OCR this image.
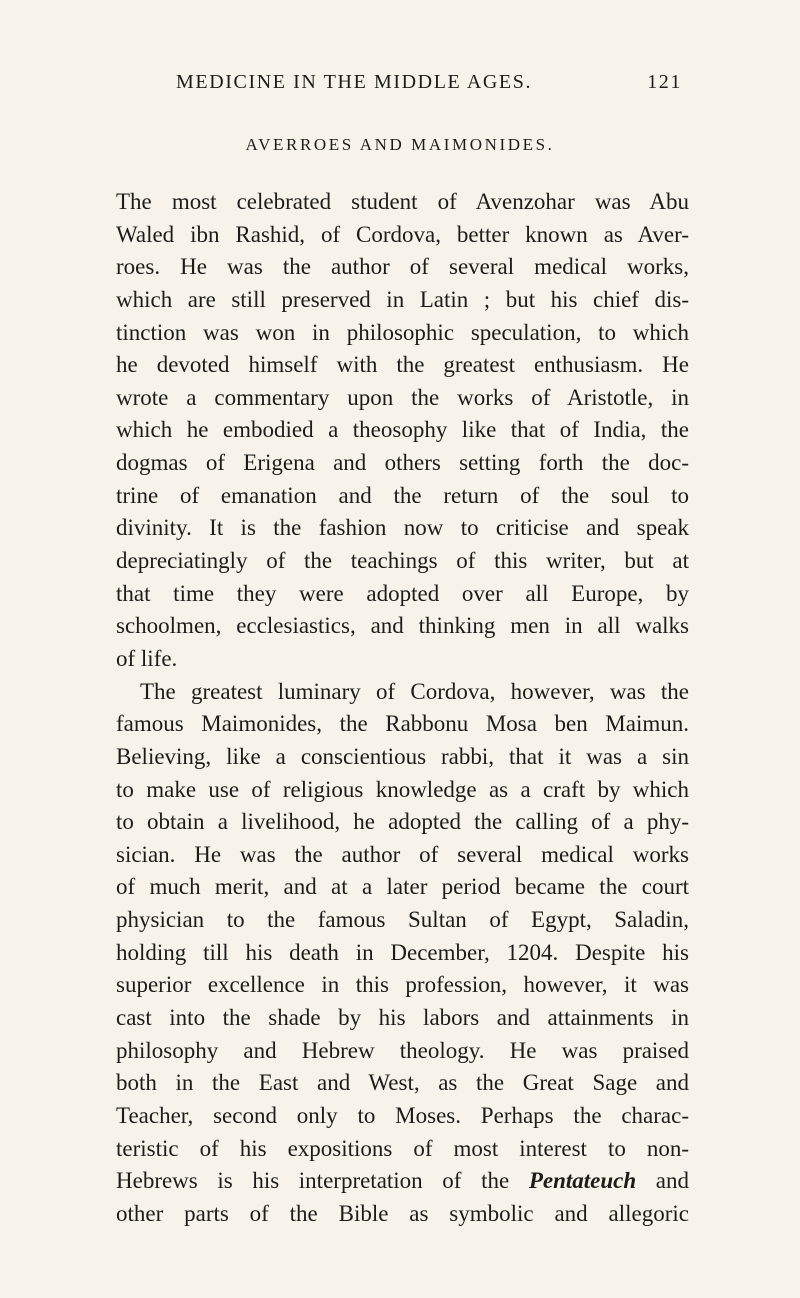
MEDICINE IN THE MIDDLE AGES.	121
AVERROES AND MAIMONIDES.
The most celebrated student of Avenzohar was Abu
Waled ibn Rashid, of Cordova, better known as Aver-
roes. He was the author of several medical works,
which are still preserved in Latin ; but his chief dis-
tinction was won in philosophic speculation, to which
he devoted himself with the greatest enthusiasm. He
wrote a commentary upon the works of Aristotle, in
which he embodied a theosophy like that of India, the
dogmas of Erigena and others setting forth the doc-
trine of emanation and the return of the soul to
divinity. It is the fashion now to criticise and speak
depreciatingly of the teachings of this writer, but at
that time they were adopted over all Europe, by
schoolmen, ecclesiastics, and thinking men in all walks
of life.
The greatest luminary of Cordova, however, was the
famous Maimonides, the Rabbonu Mosa ben Maimun.
Believing, like a conscientious rabbi, that it was a sin
to make use of religious knowledge as a craft by which
to obtain a livelihood, he adopted the calling of a phy-
sician. He was the author of several medical works
of much merit, and at a later period became the court
physician to the famous Sultan of Egypt, Saladin,
holding till his death in December, 1204. Despite his
superior excellence in this profession, however, it was
cast into the shade by his labors and attainments in
philosophy and Hebrew theology. He was praised
both in the East and West, as the Great Sage and
Teacher, second only to Moses. Perhaps the charac-
teristic of his expositions of most interest to non-
Hebrews is his interpretation of the Pentateuch and
other parts of the Bible as symbolic and allegoric
